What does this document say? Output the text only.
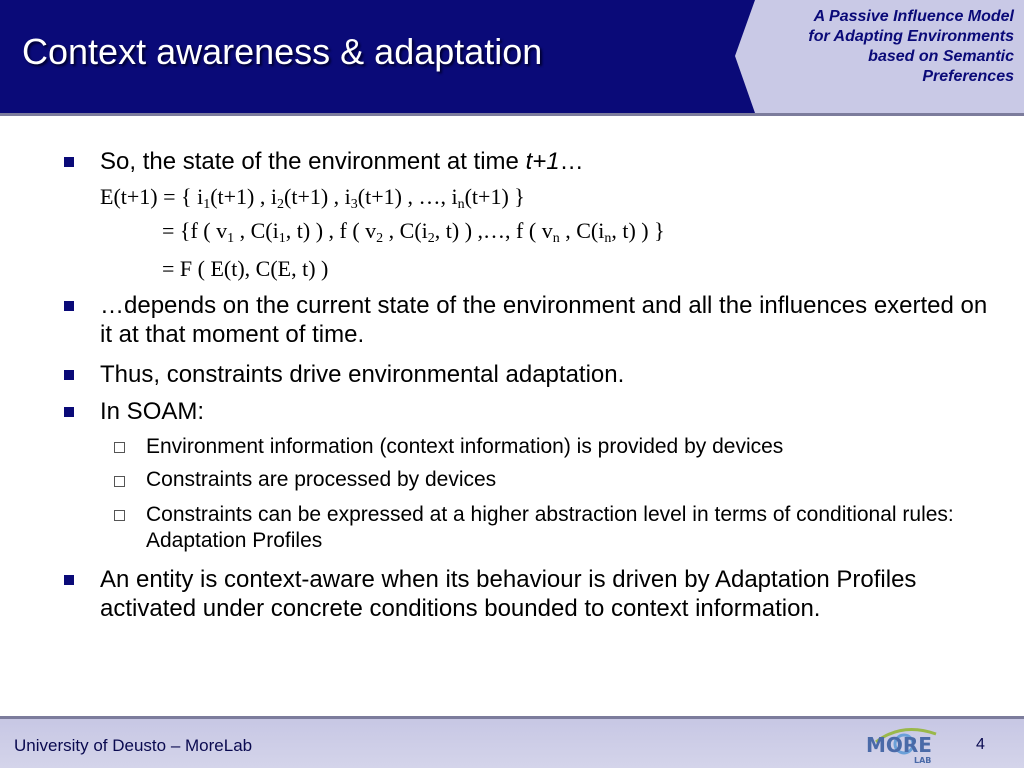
Context awareness & adaptation
A Passive Influence Model
for Adapting Environments
based on Semantic
Preferences
So, the state of the environment at time t+1…
E(t+1) = { $i_1(t+1)$ , $i_2(t+1)$ , $i_3(t+1)$ , …, $i_n(t+1)$ }
= {f ( $v_1$ , $C(i_1$, t) ) , f ( $v_2$ , $C(i_2$, t) ) ,…, f ( $v_n$ , $C(i_n$, t) ) }
= F ( E(t), C(E, t) )
…depends on the current state of the environment and all the influences exerted on it at that moment of time.
Thus, constraints drive environmental adaptation.
In SOAM:
Environment information (context information) is provided by devices
Constraints are processed by devices
Constraints can be expressed at a higher abstraction level in terms of conditional rules: Adaptation Profiles
An entity is context-aware when its behaviour is driven by Adaptation Profiles activated under concrete conditions bounded to context information.
University of Deusto – MoreLab	4
MORE
LAB
